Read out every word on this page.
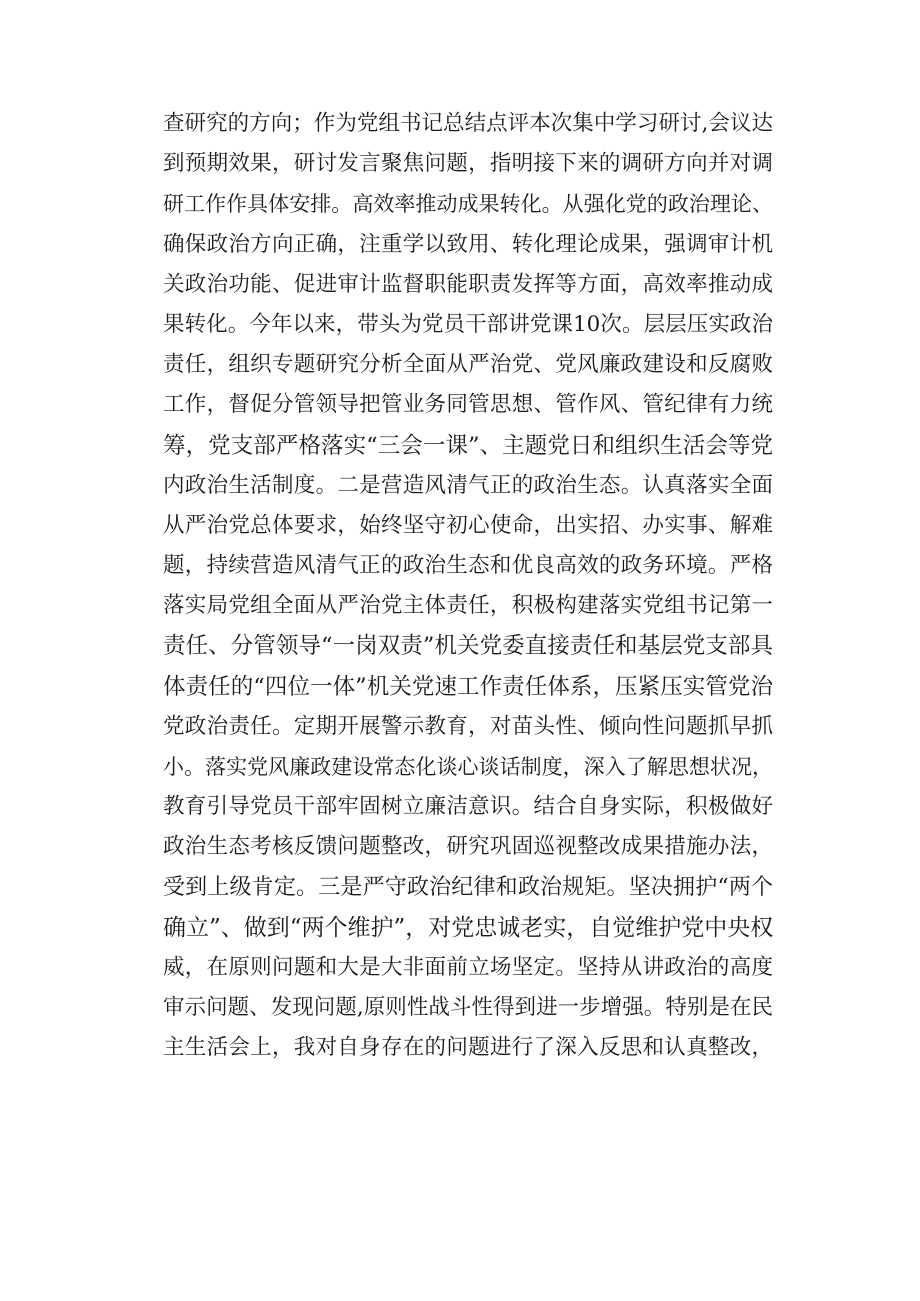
查研究的方向；作为党组书记总结点评本次集中学习研讨,会议达
到预期效果，研讨发言聚焦问题，指明接下来的调研方向并对调
研工作作具体安排。高效率推动成果转化。从强化党的政治理论、
确保政治方向正确，注重学以致用、转化理论成果，强调审计机
关政治功能、促进审计监督职能职责发挥等方面，高效率推动成
果转化。今年以来，带头为党员干部讲党课10次。层层压实政治
责任，组织专题研究分析全面从严治党、党风廉政建设和反腐败
工作，督促分管领导把管业务同管思想、管作风、管纪律有力统
筹，党支部严格落实“三会一课”、主题党日和组织生活会等党
内政治生活制度。二是营造风清气正的政治生态。认真落实全面
从严治党总体要求，始终坚守初心使命，出实招、办实事、解难
题，持续营造风清气正的政治生态和优良高效的政务环境。严格
落实局党组全面从严治党主体责任，积极构建落实党组书记第一
责任、分管领导“一岗双责”机关党委直接责任和基层党支部具
体责任的“四位一体”机关党速工作责任体系，压紧压实管党治
党政治责任。定期开展警示教育，对苗头性、倾向性问题抓早抓
小。落实党风廉政建设常态化谈心谈话制度，深入了解思想状况，
教育引导党员干部牢固树立廉洁意识。结合自身实际，积极做好
政治生态考核反馈问题整改，研究巩固巡视整改成果措施办法，
受到上级肯定。三是严守政治纪律和政治规矩。坚决拥护“两个
确立”、做到“两个维护”，对党忠诚老实，自觉维护党中央权
威，在原则问题和大是大非面前立场坚定。坚持从讲政治的高度
审示问题、发现问题,原则性战斗性得到进一步增强。特别是在民
主生活会上，我对自身存在的问题进行了深入反思和认真整改，
